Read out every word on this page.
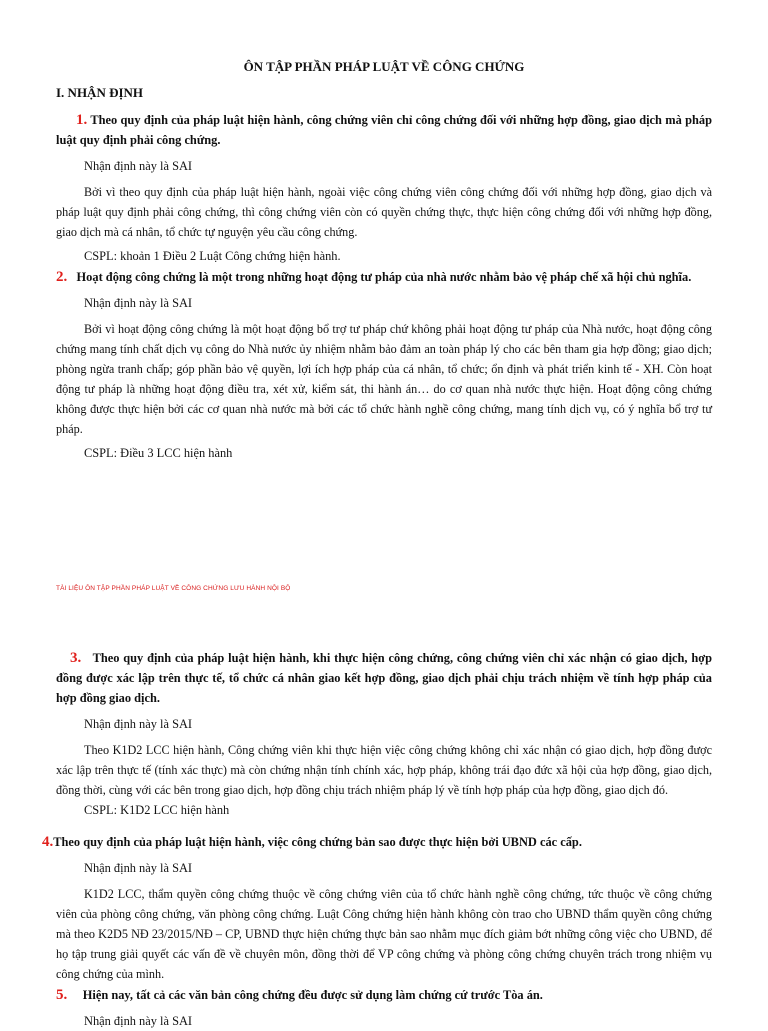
ÔN TẬP PHẦN PHÁP LUẬT VỀ CÔNG CHỨNG
I. NHẬN ĐỊNH

1. Theo quy định của pháp luật hiện hành, công chứng viên chỉ công chứng đối với những hợp đồng, giao dịch mà pháp luật quy định phải công chứng.

Nhận định này là SAI

Bởi vì theo quy định của pháp luật hiện hành, ngoài việc công chứng viên công chứng đối với những hợp đồng, giao dịch và pháp luật quy định phải công chứng, thì công chứng viên còn có quyền chứng thực, thực hiện công chứng đối với những hợp đồng, giao dịch mà cá nhân, tổ chức tự nguyện yêu cầu công chứng.

CSPL: khoản 1 Điều 2 Luật Công chứng hiện hành.

2. Hoạt động công chứng là một trong những hoạt động tư pháp của nhà nước nhằm bảo vệ pháp chế xã hội chủ nghĩa.

Nhận định này là SAI

Bởi vì hoạt động công chứng là một hoạt động bổ trợ tư pháp chứ không phải hoạt động tư pháp của Nhà nước, hoạt động công chứng mang tính chất dịch vụ công do Nhà nước ủy nhiệm nhằm bảo đảm an toàn pháp lý cho các bên tham gia hợp đồng; giao dịch; phòng ngừa tranh chấp; góp phần bảo vệ quyền, lợi ích hợp pháp của cá nhân, tổ chức; ổn định và phát triển kinh tế - XH. Còn hoạt động tư pháp là những hoạt động điều tra, xét xử, kiểm sát, thi hành án… do cơ quan nhà nước thực hiện. Hoạt động công chứng không được thực hiện bởi các cơ quan nhà nước mà bởi các tổ chức hành nghề công chứng, mang tính dịch vụ, có ý nghĩa bổ trợ tư pháp.

CSPL: Điều 3 LCC hiện hành

TÀI LIỆU ÔN TẬP PHẦN PHÁP LUẬT VỀ CÔNG CHỨNG LƯU HÀNH NỘI BỘ

3. Theo quy định của pháp luật hiện hành, khi thực hiện công chứng, công chứng viên chỉ xác nhận có giao dịch, hợp đồng được xác lập trên thực tế, tổ chức cá nhân giao kết hợp đồng, giao dịch phải chịu trách nhiệm về tính hợp pháp của hợp đồng giao dịch.

Nhận định này là SAI

Theo K1D2 LCC hiện hành, Công chứng viên khi thực hiện việc công chứng không chỉ xác nhận có giao dịch, hợp đồng được xác lập trên thực tế (tính xác thực) mà còn chứng nhận tính chính xác, hợp pháp, không trái đạo đức xã hội của hợp đồng, giao dịch, đồng thời, cùng với các bên trong giao dịch, hợp đồng chịu trách nhiệm pháp lý về tính hợp pháp của hợp đồng, giao dịch đó.

CSPL: K1D2 LCC hiện hành

4.Theo quy định của pháp luật hiện hành, việc công chứng bản sao được thực hiện bởi UBND các cấp.

Nhận định này là SAI

K1D2 LCC, thẩm quyền công chứng thuộc về công chứng viên của tổ chức hành nghề công chứng, tức thuộc về công chứng viên của phòng công chứng, văn phòng công chứng. Luật Công chứng hiện hành không còn trao cho UBND thẩm quyền công chứng mà theo K2D5 NĐ 23/2015/NĐ – CP, UBND thực hiện chứng thực bản sao nhằm mục đích giảm bớt những công việc cho UBND, để họ tập trung giải quyết các vấn đề về chuyên môn, đồng thời để VP công chứng và phòng công chứng chuyên trách trong nhiệm vụ công chứng của mình.

5. Hiện nay, tất cả các văn bản công chứng đều được sử dụng làm chứng cứ trước Tòa án.

Nhận định này là SAI
